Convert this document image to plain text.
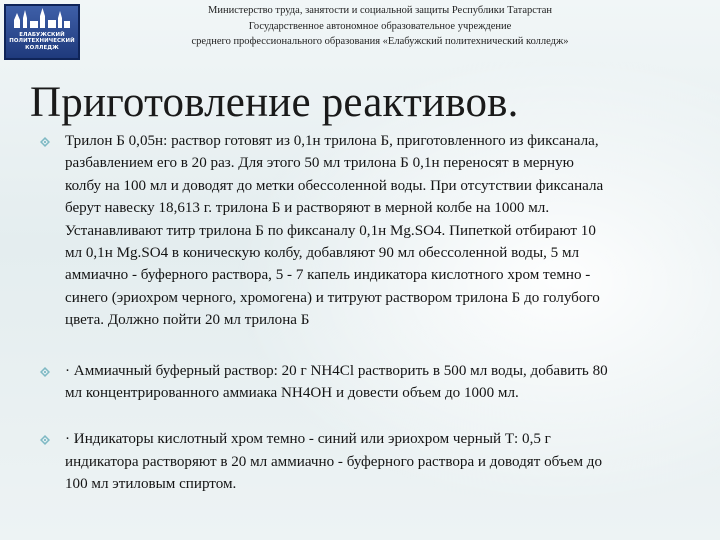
ЕЛАБУЖСКИЙ
ПОЛИТЕХНИЧЕСКИЙ
КОЛЛЕДЖ
Министерство труда, занятости и социальной защиты Республики Татарстан
Государственное автономное образовательное учреждение
среднего профессионального образования «Елабужский политехнический колледж»
Приготовление реактивов.

Трилон Б 0,05н: раствор готовят из 0,1н трилона Б, приготовленного из фиксанала,

разбавлением его в 20 раз. Для этого 50 мл трилона Б 0,1н переносят в мерную

колбу на 100 мл и доводят до метки обессоленной воды. При отсутствии фиксанала

берут навеску 18,613 г. трилона Б и растворяют в мерной колбе на 1000 мл.

Устанавливают титр трилона Б по фиксаналу 0,1н Mg.SO4. Пипеткой отбирают 10

мл 0,1н Mg.SO4 в коническую колбу, добавляют 90 мл обессоленной воды, 5 мл

аммиачно - буферного раствора, 5 - 7 капель индикатора кислотного хром темно -

синего (эриохром черного, хромогена) и титруют раствором трилона Б до голубого

цвета. Должно пойти 20 мл трилона Б

· Аммиачный буферный раствор: 20 г NH4Cl растворить в 500 мл воды, добавить 80

мл концентрированного аммиака NH4OH и довести объем до 1000 мл.

· Индикаторы кислотный хром темно - синий или эриохром черный Т: 0,5 г

индикатора растворяют в 20 мл аммиачно - буферного раствора и доводят объем до

100 мл этиловым спиртом.
